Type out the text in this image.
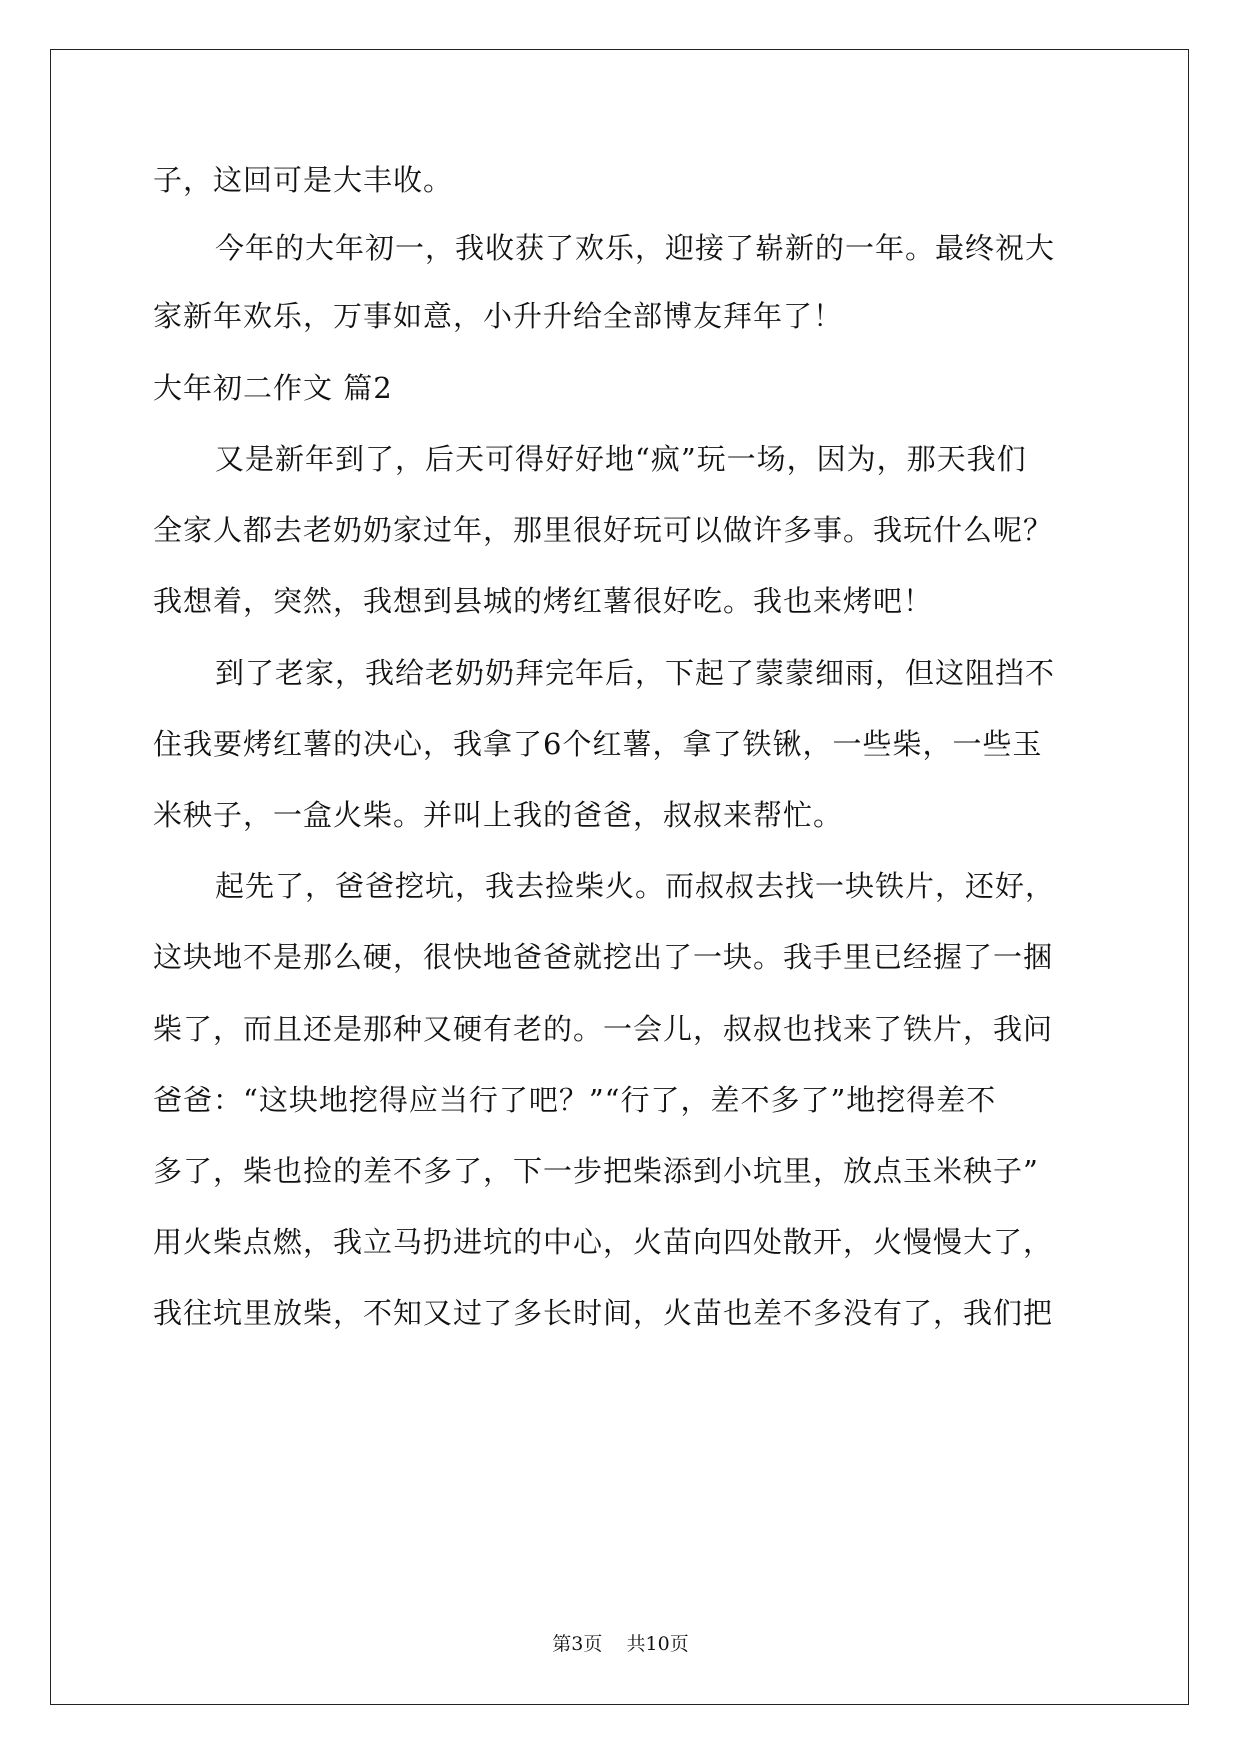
子，这回可是大丰收。
今年的大年初一，我收获了欢乐，迎接了崭新的一年。最终祝大
家新年欢乐，万事如意，小升升给全部博友拜年了！
大年初二作文 篇2
又是新年到了，后天可得好好地“疯”玩一场，因为，那天我们
全家人都去老奶奶家过年，那里很好玩可以做许多事。我玩什么呢？
我想着，突然，我想到县城的烤红薯很好吃。我也来烤吧！
到了老家，我给老奶奶拜完年后，下起了蒙蒙细雨，但这阻挡不
住我要烤红薯的决心，我拿了6个红薯，拿了铁锹，一些柴，一些玉
米秧子，一盒火柴。并叫上我的爸爸，叔叔来帮忙。
起先了，爸爸挖坑，我去捡柴火。而叔叔去找一块铁片，还好，
这块地不是那么硬，很快地爸爸就挖出了一块。我手里已经握了一捆
柴了，而且还是那种又硬有老的。一会儿，叔叔也找来了铁片，我问
爸爸：“这块地挖得应当行了吧？”“行了，差不多了”地挖得差不
多了，柴也捡的差不多了，下一步把柴添到小坑里，放点玉米秧子”
用火柴点燃，我立马扔进坑的中心，火苗向四处散开，火慢慢大了，
我往坑里放柴，不知又过了多长时间，火苗也差不多没有了，我们把
第3页 共10页
